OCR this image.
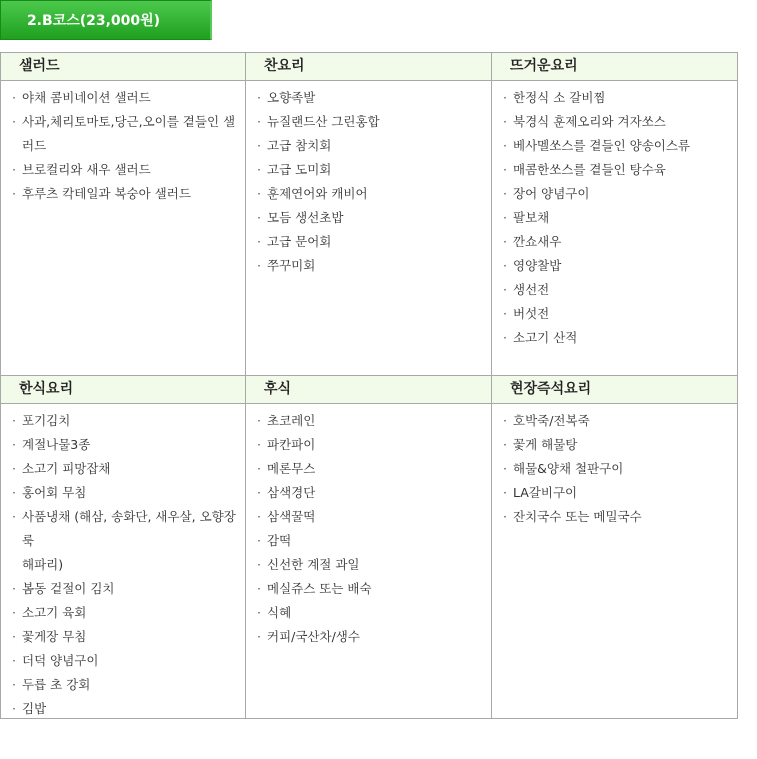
2.B코스(23,000원)
샐러드
· 야채 콤비네이션 샐러드
· 사과,체리토마토,당근,오이를 곁들인 샐러드
· 브로컬리와 새우 샐러드
· 후루츠 칵테일과 복숭아 샐러드
찬요리
· 오향족발
· 뉴질랜드산 그린홍합
· 고급 참치회
· 고급 도미회
· 훈제연어와 캐비어
· 모듬 생선초밥
· 고급 문어회
· 쭈꾸미회
뜨거운요리
· 한정식 소 갈비찜
· 북경식 훈제오리와 겨자쏘스
· 베사멜쏘스를 곁들인 양송이스류
· 매콤한쏘스를 곁들인 탕수육
· 장어 양념구이
· 팔보채
· 깐쇼새우
· 영양찰밥
· 생선전
· 버섯전
· 소고기 산적
한식요리
· 포기김치
· 계절나물3종
· 소고기 피망잡채
· 홍어회 무침
· 사품냉채 (해삼, 송화단, 새우살, 오향장룩
해파리)
· 봄동 겉절이 김치
· 소고기 육회
· 꽃게장 무침
· 더덕 양념구이
· 두릅 초 강회
· 김밥
후식
· 초코레인
· 파칸파이
· 메론무스
· 삼색경단
· 삼색꿀떡
· 감떡
· 신선한 계절 과일
· 메실쥬스 또는 배숙
· 식혜
· 커피/국산차/생수
현장즉석요리
· 호박죽/전복죽
· 꽃게 해물탕
· 해물&양채 철판구이
· LA갈비구이
· 잔치국수 또는 메밀국수
